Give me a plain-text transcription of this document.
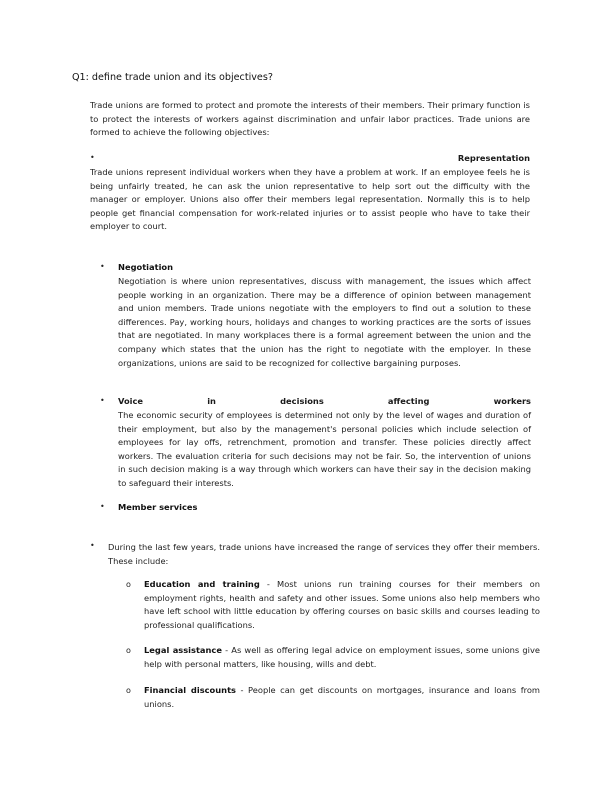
Q1: define trade union and its objectives?
Trade unions are formed to protect and promote the interests of their members. Their primary function is to protect the interests of workers against discrimination and unfair labor practices. Trade unions are formed to achieve the following objectives:
•	Representation
Trade unions represent individual workers when they have a problem at work. If an employee feels he is being unfairly treated, he can ask the union representative to help sort out the difficulty with the manager or employer. Unions also offer their members legal representation. Normally this is to help people get financial compensation for work-related injuries or to assist people who have to take their employer to court.
• Negotiation
Negotiation is where union representatives, discuss with management, the issues which affect people working in an organization. There may be a difference of opinion between management and union members. Trade unions negotiate with the employers to find out a solution to these differences. Pay, working hours, holidays and changes to working practices are the sorts of issues that are negotiated. In many workplaces there is a formal agreement between the union and the company which states that the union has the right to negotiate with the employer. In these organizations, unions are said to be recognized for collective bargaining purposes.
• Voice	in	decisions	affecting	workers
The economic security of employees is determined not only by the level of wages and duration of their employment, but also by the management's personal policies which include selection of employees for lay offs, retrenchment, promotion and transfer. These policies directly affect workers. The evaluation criteria for such decisions may not be fair. So, the intervention of unions in such decision making is a way through which workers can have their say in the decision making to safeguard their interests.
• Member services
• During the last few years, trade unions have increased the range of services they offer their members. These include:
o Education and training - Most unions run training courses for their members on employment rights, health and safety and other issues. Some unions also help members who have left school with little education by offering courses on basic skills and courses leading to professional qualifications.
o Legal assistance - As well as offering legal advice on employment issues, some unions give help with personal matters, like housing, wills and debt.
o Financial discounts - People can get discounts on mortgages, insurance and loans from unions.
